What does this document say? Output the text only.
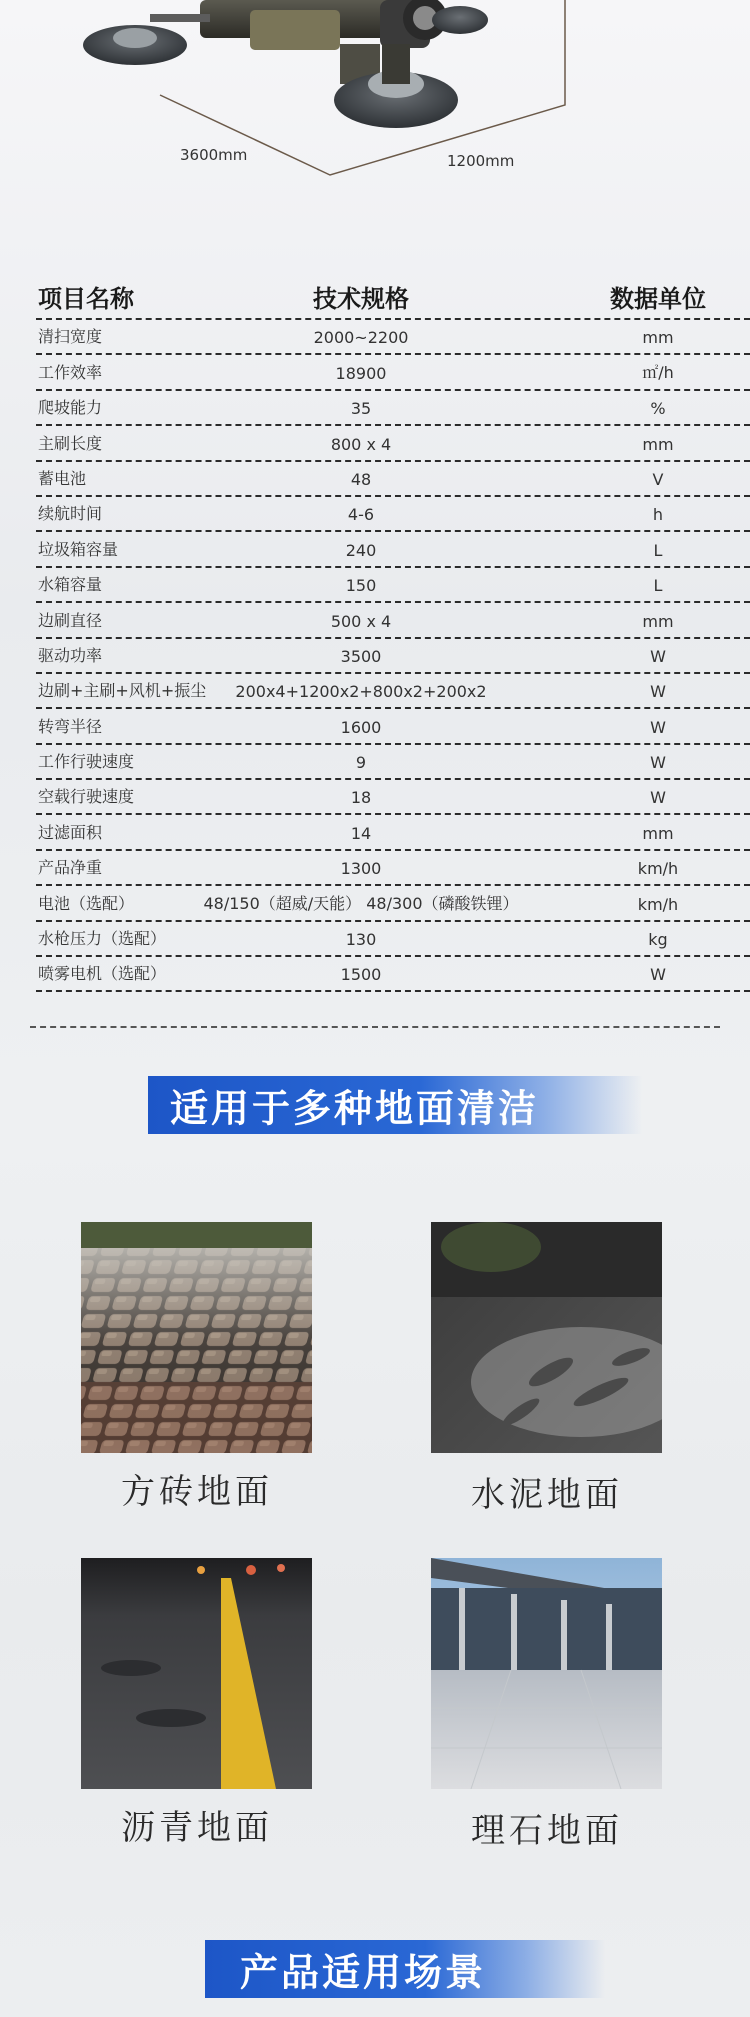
3600mm	1200mm
项目名称	技术规格	数据单位
清扫宽度	2000~2200	mm
工作效率	18900	㎡/h
爬坡能力	35	%
主刷长度	800 x 4	mm
蓄电池	48	V
续航时间	4-6	h
垃圾箱容量	240	L
水箱容量	150	L
边刷直径	500 x 4	mm
驱动功率	3500	W
边刷+主刷+风机+振尘 200x4+1200x2+800x2+200x2	W
转弯半径	1600	W
工作行驶速度	9	W
空载行驶速度	18	W
过滤面积	14	mm
产品净重	1300	km/h
电池（选配）	48/150（超威/天能） 48/300（磷酸铁锂）	km/h
水枪压力（选配）	130	kg
喷雾电机（选配）	1500	W
适用于多种地面清洁
方砖地面	水泥地面
沥青地面	理石地面
产品适用场景
